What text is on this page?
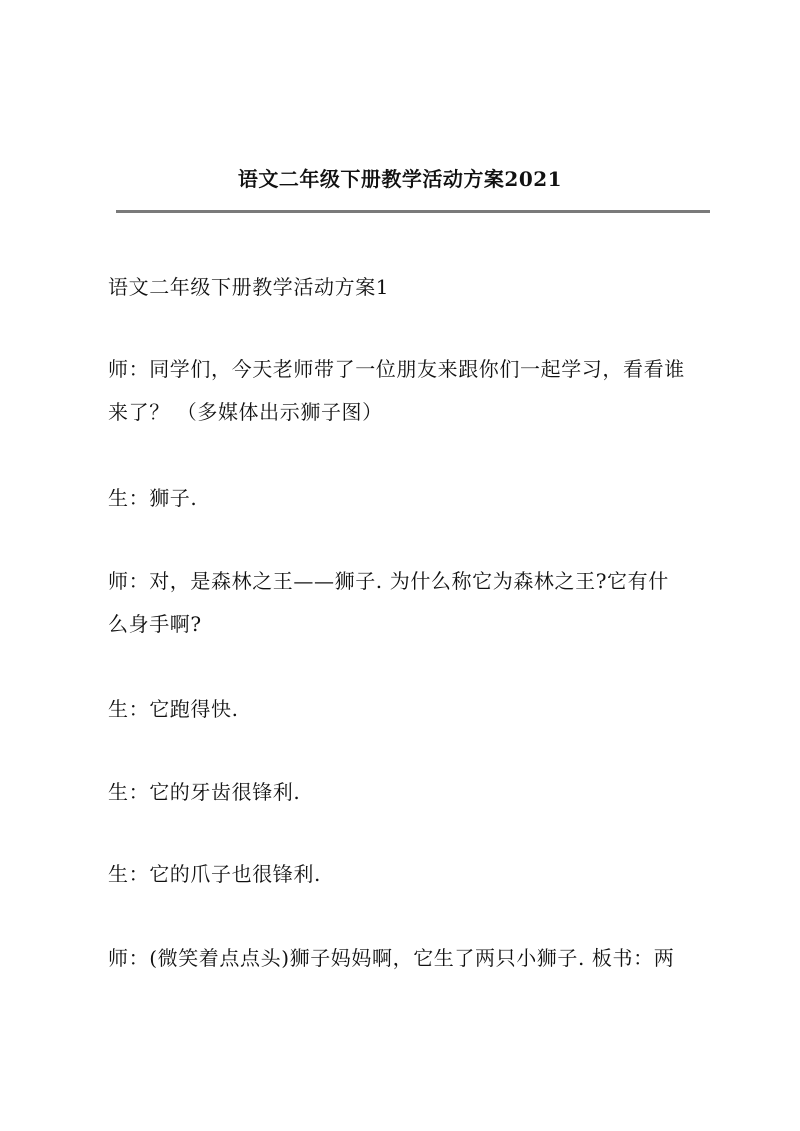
语文二年级下册教学活动方案2021
语文二年级下册教学活动方案1
师：同学们，今天老师带了一位朋友来跟你们一起学习，看看谁
来了？ （多媒体出示狮子图）
生：狮子.
师：对，是森林之王——狮子. 为什么称它为森林之王?它有什
么身手啊?
生：它跑得快.
生：它的牙齿很锋利.
生：它的爪子也很锋利.
师：(微笑着点点头)狮子妈妈啊，它生了两只小狮子. 板书：两
